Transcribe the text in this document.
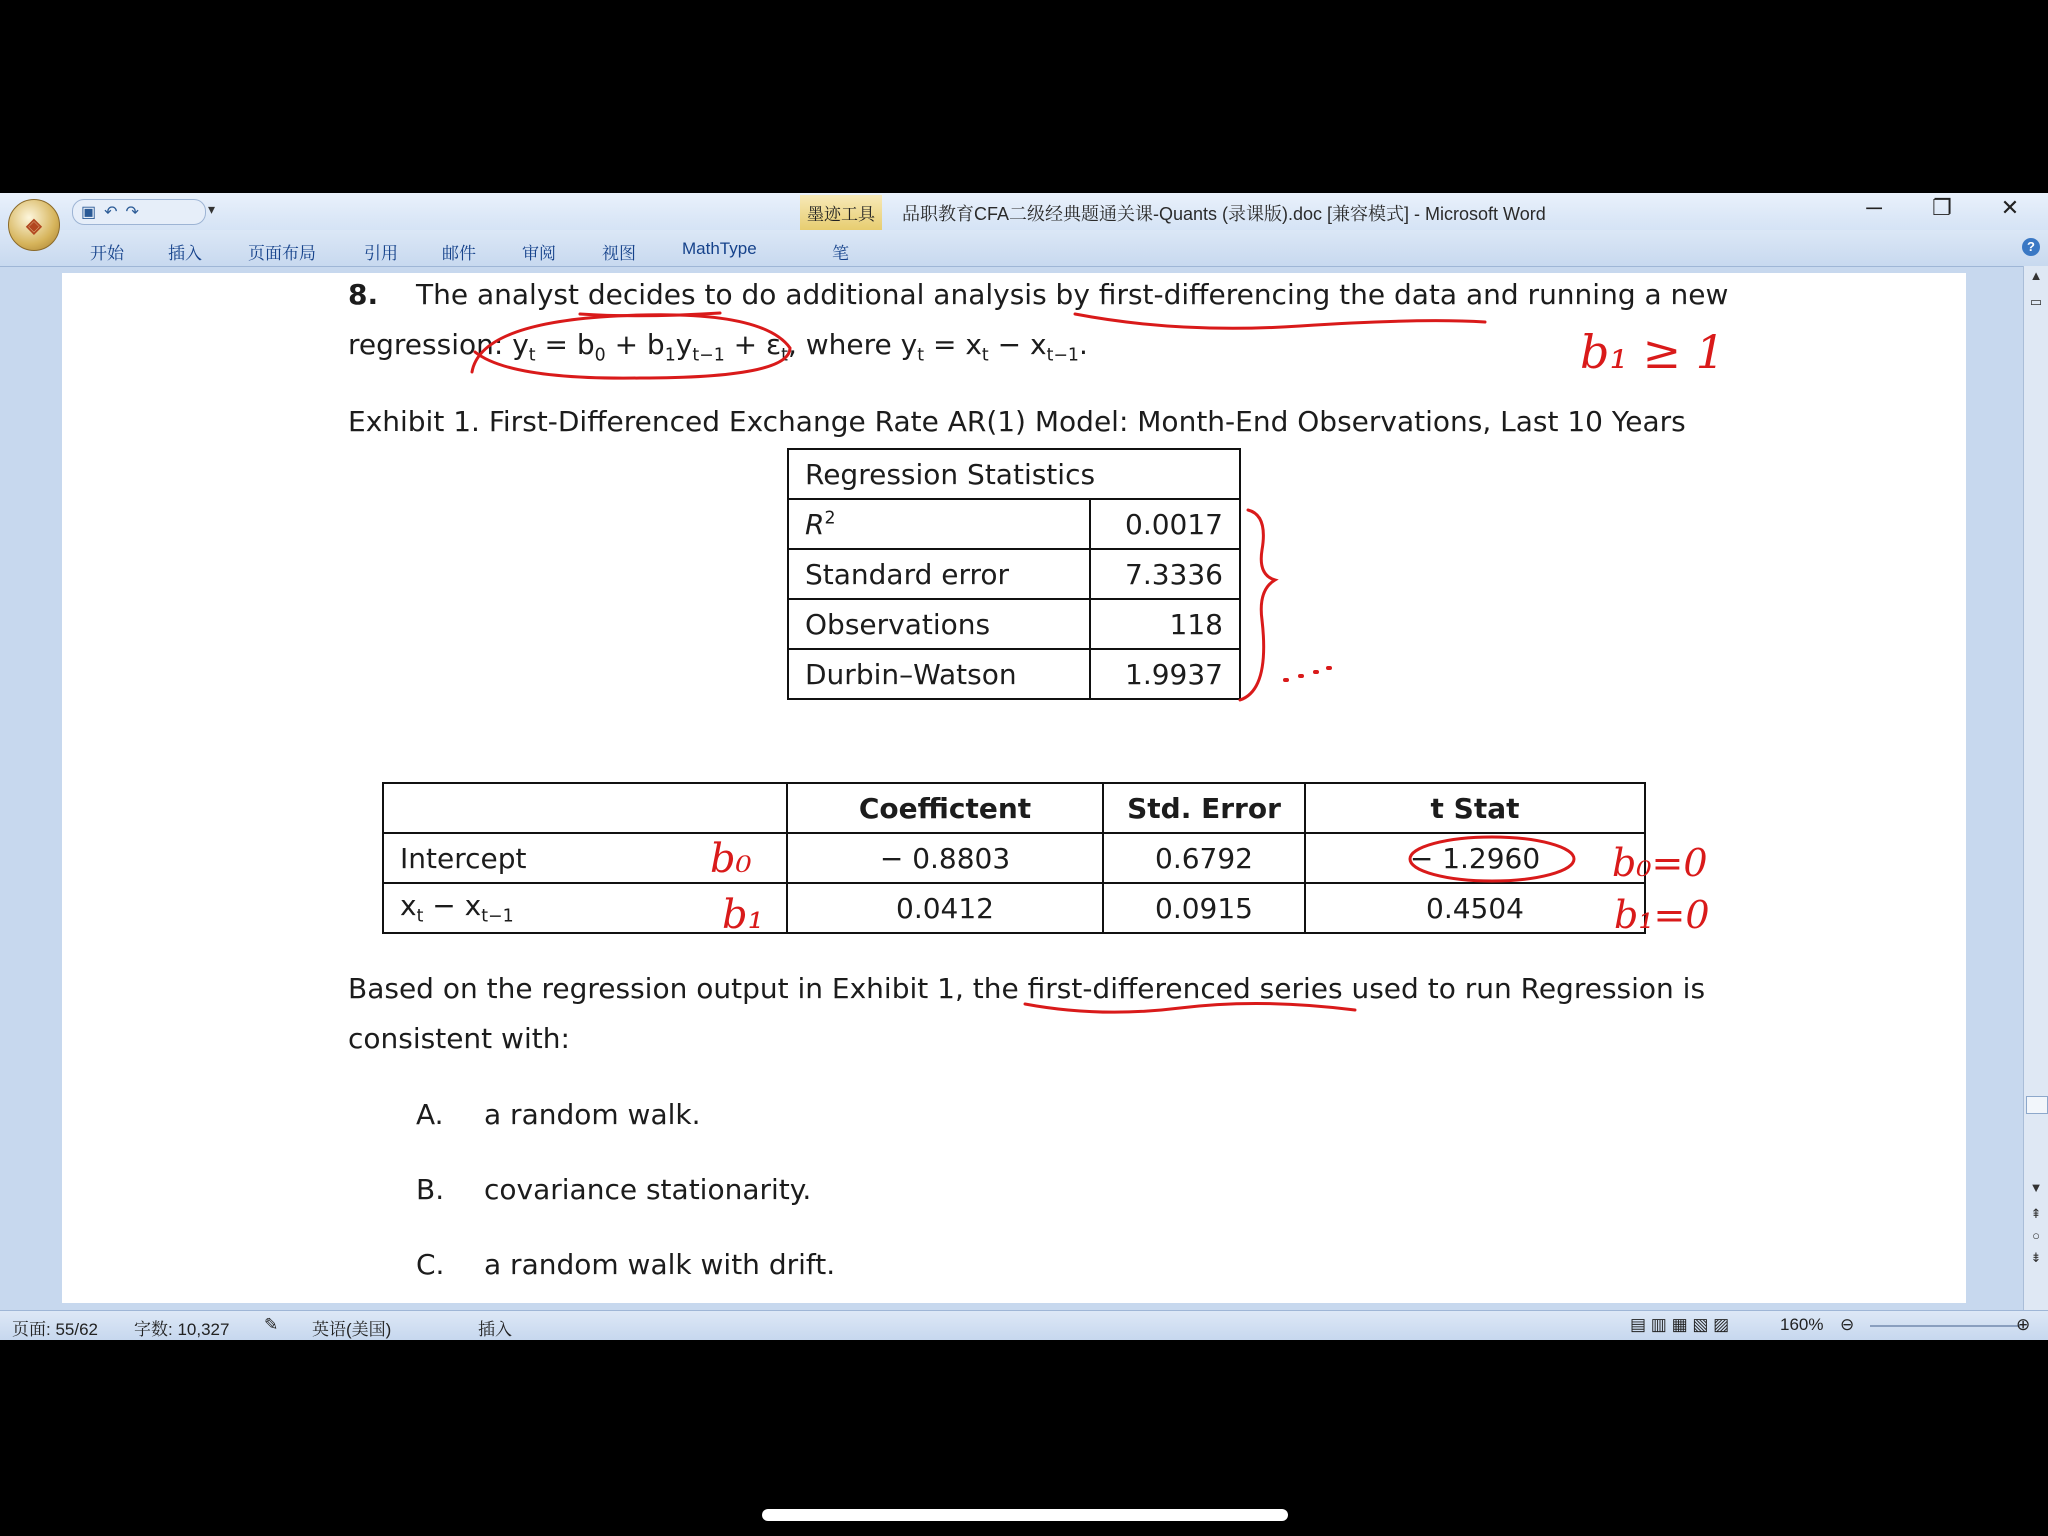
▣ ↶ ↷	▾	墨迹工具	品职教育CFA二级经典题通关课-Quants (录课版).doc [兼容模式] - Microsoft Word	─	❐	✕
开始	插入	页面布局	引用	邮件	审阅	视图	MathType	笔	?
▲
▭
▼
⇞
○
⇟
页面: 55/62 字数: 10,327 ✎ 英语(美国)	插入	▤ ▥ ▦ ▧ ▨	160% ⊖	⊕
◈
8. The analyst decides to do additional analysis by first-differencing the data and running a new
regression: $y_t = b_0 + b_1y_{t-1} + \varepsilon_t$, where $y_t = x_t - x_{t-1}$.
Exhibit 1. First-Differenced Exchange Rate AR(1) Model: Month-End Observations, Last 10 Years
Regression Statistics	
$R^2$	0.0017
Standard error	7.3336
Observations	118
Durbin–Watson	1.9937
	Coeffictent	Std. Error	t Stat
Intercept	− 0.8803	0.6792	− 1.2960
$x_t - x_{t-1}$	0.0412	0.0915	0.4504
Based on the regression output in Exhibit 1, the first-differenced series used to run Regression is
consistent with:
A. a random walk.
B. covariance stationarity.
C. a random walk with drift.
b₁ ≥ 1
b₀
b₁
b₀=0
b₁=0
